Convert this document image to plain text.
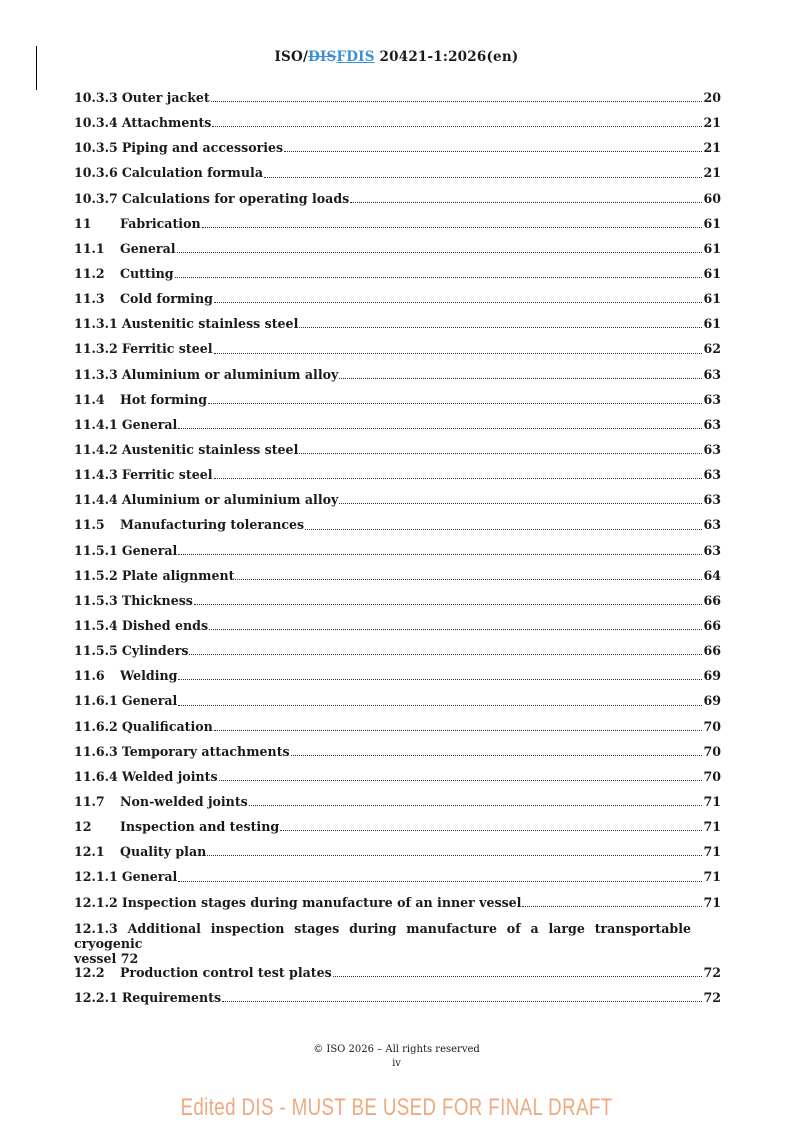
ISO/DISFDIS 20421-1:2026(en)
10.3.3 Outer jacket	20
10.3.4 Attachments	21
10.3.5 Piping and accessories	21
10.3.6 Calculation formula	21
10.3.7 Calculations for operating loads	60
11	Fabrication	61
11.1	General	61
11.2	Cutting	61
11.3	Cold forming	61
11.3.1 Austenitic stainless steel	61
11.3.2 Ferritic steel	62
11.3.3 Aluminium or aluminium alloy	63
11.4	Hot forming	63
11.4.1 General	63
11.4.2 Austenitic stainless steel	63
11.4.3 Ferritic steel	63
11.4.4 Aluminium or aluminium alloy	63
11.5	Manufacturing tolerances	63
11.5.1 General	63
11.5.2 Plate alignment	64
11.5.3 Thickness	66
11.5.4 Dished ends	66
11.5.5 Cylinders	66
11.6	Welding	69
11.6.1 General	69
11.6.2 Qualification	70
11.6.3 Temporary attachments	70
11.6.4 Welded joints	70
11.7	Non-welded joints	71
12	Inspection and testing	71
12.1	Quality plan	71
12.1.1 General	71
12.1.2 Inspection stages during manufacture of an inner vessel	71
12.1.3 Additional inspection stages during manufacture of a large transportable cryogenic
vessel 72
12.2	Production control test plates	72
12.2.1 Requirements	72
© ISO 2026 – All rights reserved
iv
Edited DIS - MUST BE USED FOR FINAL DRAFT
